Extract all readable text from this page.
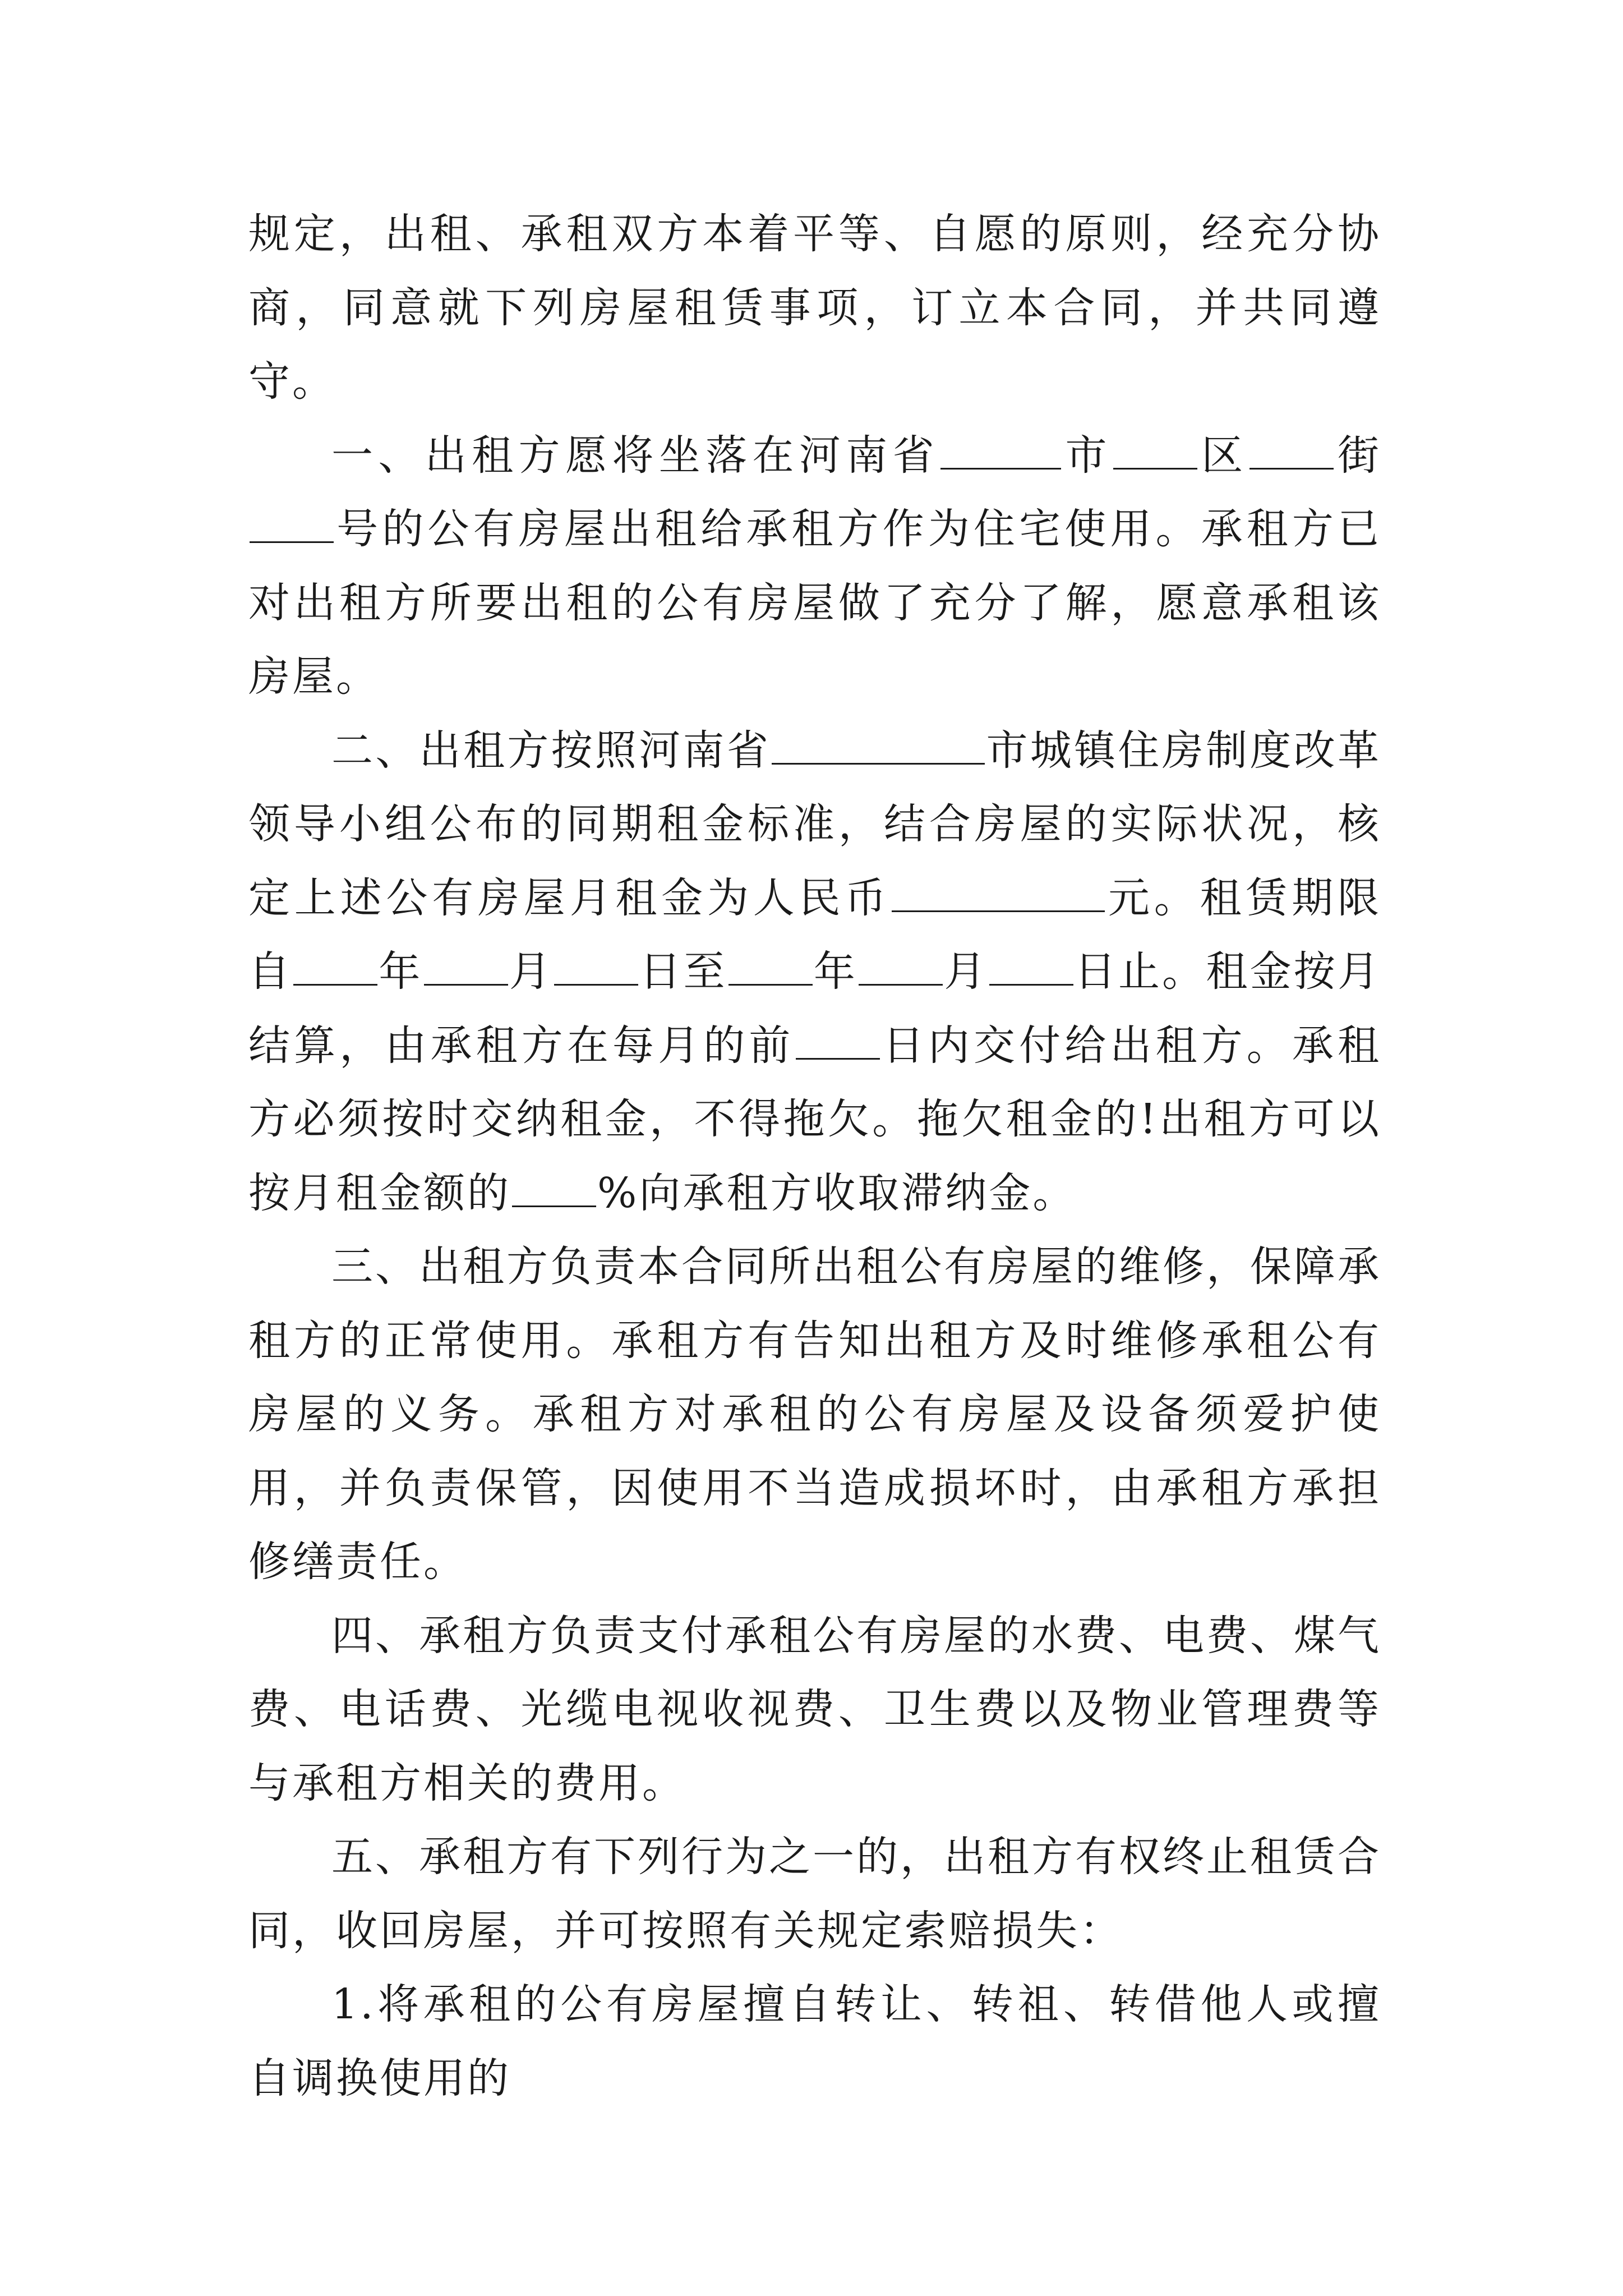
规定，出租、承租双方本着平等、自愿的原则，经充分协商，同意就下列房屋租赁事项，订立本合同，并共同遵守。

一、出租方愿将坐落在河南省	市 区 街号的公有房屋出租给承租方作为住宅使用。承租方已对出租方所要出租的公有房屋做了充分了解，愿意承租该房屋。

二、出租方按照河南省	市城镇住房制度改革领导小组公布的同期租金标准，结合房屋的实际状况，核定上述公有房屋月租金为人民币	元。租赁期限自 年 月 日至 年 月 日止。租金按月结算，由承租方在每月的前 日内交付给出租方。承租方必须按时交纳租金，不得拖欠。拖欠租金的!出租方可以按月租金额的 %向承租方收取滞纳金。

三、出租方负责本合同所出租公有房屋的维修，保障承租方的正常使用。承租方有告知出租方及时维修承租公有房屋的义务。承租方对承租的公有房屋及设备须爱护使用，并负责保管，因使用不当造成损坏时，由承租方承担修缮责任。

四、承租方负责支付承租公有房屋的水费、电费、煤气费、电话费、光缆电视收视费、卫生费以及物业管理费等与承租方相关的费用。

五、承租方有下列行为之一的，出租方有权终止租赁合同，收回房屋，并可按照有关规定索赔损失：

1.将承租的公有房屋擅自转让、转祖、转借他人或擅自调换使用的
